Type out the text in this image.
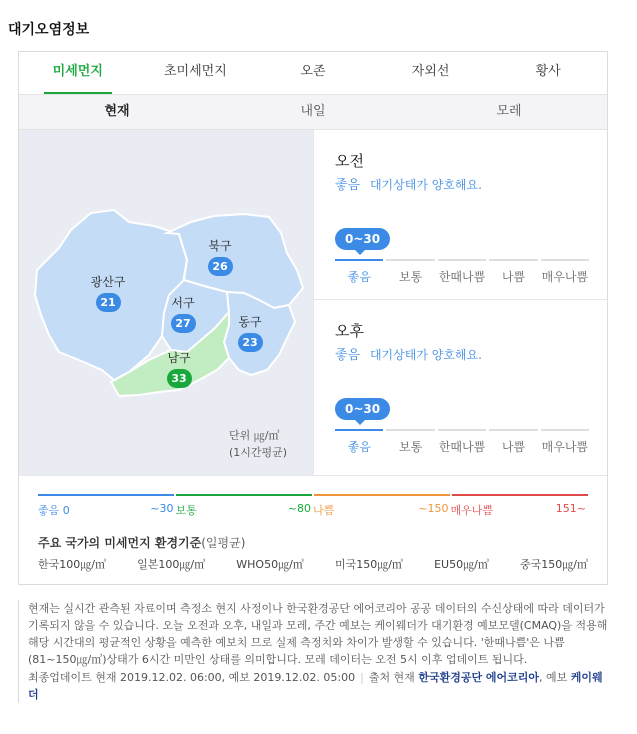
대기오염정보
미세먼지	초미세먼지	오존	자외선	황사
현재	내일	모레
광산구
21
북구
26
서구
27	동구
23
남구
33
단위 ㎍/㎥
(1시간평균)
오전
좋음 대기상태가 양호해요.
0~30
좋음	보통	한때나쁨	나쁨	매우나쁨
오후
좋음 대기상태가 양호해요.
0~30
좋음	보통	한때나쁨	나쁨	매우나쁨
좋음 0	~30 보통	~80 나쁨	~150 매우나쁨	151~
주요 국가의 미세먼지 환경기준(일평균)
한국100㎍/㎥	일본100㎍/㎥	WHO50㎍/㎥	미국150㎍/㎥	EU50㎍/㎥	중국150㎍/㎥
현재는 실시간 관측된 자료이며 측정소 현지 사정이나 한국환경공단 에어코리아 공공 데이터의 수신상태에 따라 데이터가 기록되지 않을 수 있습니다. 오늘 오전과 오후, 내일과 모레, 주간 예보는 케이웨더가 대기환경 예보모델(CMAQ)을 적용해 해당 시간대의 평균적인 상황을 예측한 예보치 므로 실제 측정치와 차이가 발생할 수 있습니다. '한때나쁨'은 나쁨(81~150㎍/㎥)상태가 6시간 미만인 상태를 의미합니다. 모레 데이터는 오전 5시 이후 업데이트 됩니다.
최종업데이트 현재 2019.12.02. 06:00, 예보 2019.12.02. 05:00 | 출처 현재 한국환경공단 에어코리아, 예보 케이웨더
